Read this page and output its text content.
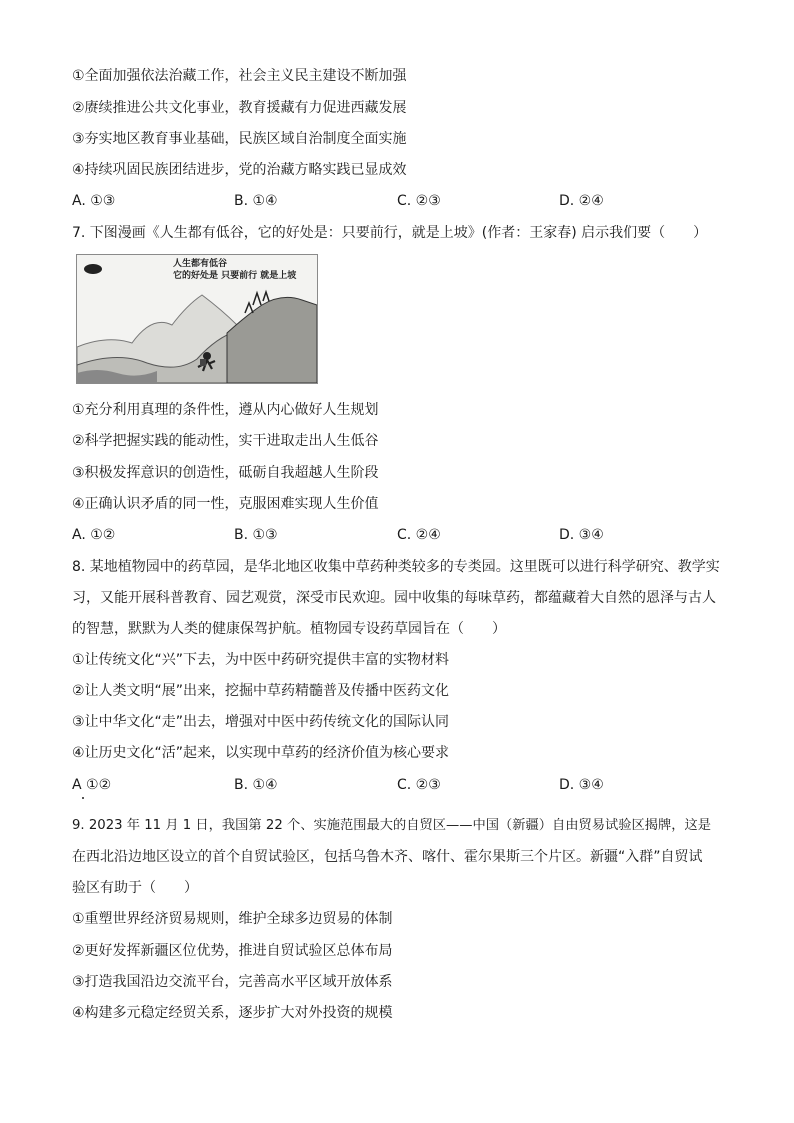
①全面加强依法治藏工作，社会主义民主建设不断加强
②赓续推进公共文化事业，教育援藏有力促进西藏发展
③夯实地区教育事业基础，民族区域自治制度全面实施
④持续巩固民族团结进步，党的治藏方略实践已显成效
A. ①③	B. ①④	C. ②③	D. ②④
7. 下图漫画《人生都有低谷，它的好处是：只要前行，就是上坡》(作者：王家春) 启示我们要（　　）
人生都有低谷
它的好处是 只要前行 就是上坡
①充分利用真理的条件性，遵从内心做好人生规划
②科学把握实践的能动性，实干进取走出人生低谷
③积极发挥意识的创造性，砥砺自我超越人生阶段
④正确认识矛盾的同一性，克服困难实现人生价值
A. ①②	B. ①③	C. ②④	D. ③④
8. 某地植物园中的药草园，是华北地区收集中草药种类较多的专类园。这里既可以进行科学研究、教学实
习，又能开展科普教育、园艺观赏，深受市民欢迎。园中收集的每味草药，都蕴藏着大自然的恩泽与古人
的智慧，默默为人类的健康保驾护航。植物园专设药草园旨在（　　）
①让传统文化“兴”下去，为中医中药研究提供丰富的实物材料
②让人类文明“展”出来，挖掘中草药精髓普及传播中医药文化
③让中华文化“走”出去，增强对中医中药传统文化的国际认同
④让历史文化“活”起来，以实现中草药的经济价值为核心要求
A ①②	B. ①④	C. ②③	D. ③④
9. 2023 年 11 月 1 日，我国第 22 个、实施范围最大的自贸区——中国（新疆）自由贸易试验区揭牌，这是
在西北沿边地区设立的首个自贸试验区，包括乌鲁木齐、喀什、霍尔果斯三个片区。新疆“入群”自贸试
验区有助于（　　）
①重塑世界经济贸易规则，维护全球多边贸易的体制
②更好发挥新疆区位优势，推进自贸试验区总体布局
③打造我国沿边交流平台，完善高水平区域开放体系
④构建多元稳定经贸关系，逐步扩大对外投资的规模
